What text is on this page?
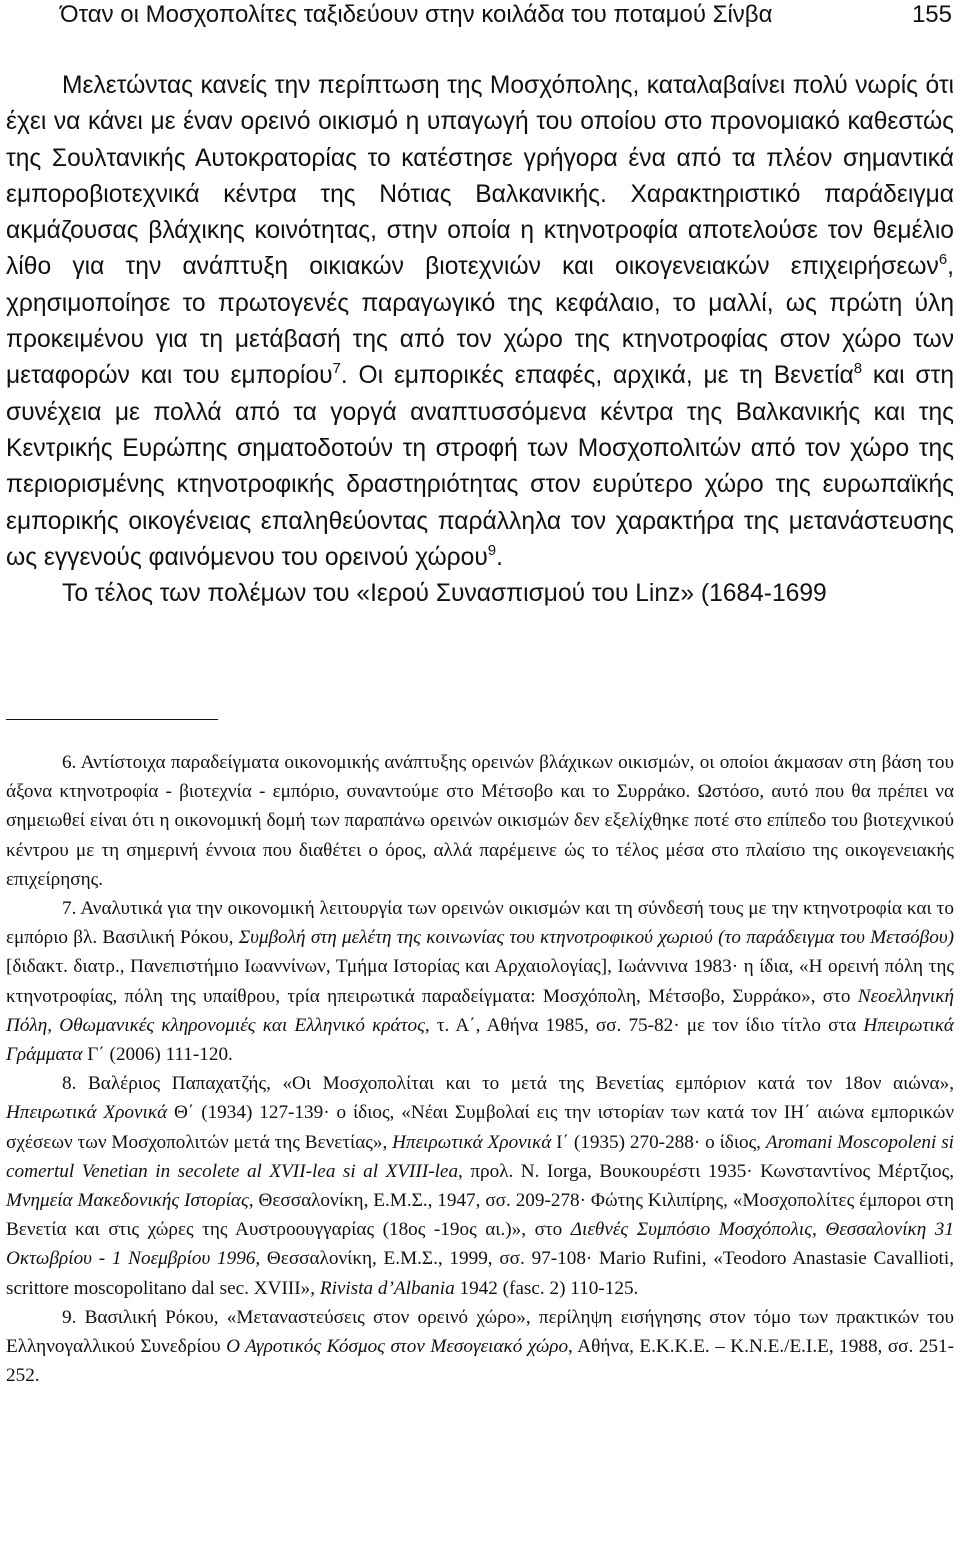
Όταν οι Μοσχοπολίτες ταξιδεύουν στην κοιλάδα του ποταμού Σίνβα	155

Μελετώντας κανείς την περίπτωση της Μοσχόπολης, καταλαβαίνει πολύ νωρίς ότι έχει να κάνει με έναν ορεινό οικισμό η υπαγωγή του οποίου στο προνομιακό καθεστώς της Σουλτανικής Αυτοκρατορίας το κατέστησε γρήγορα ένα από τα πλέον σημαντικά εμποροβιοτεχνικά κέντρα της Νότιας Βαλκανικής. Χαρακτηριστικό παράδειγμα ακμάζουσας βλάχικης κοινότητας, στην οποία η κτηνοτροφία αποτελούσε τον θεμέλιο λίθο για την ανάπτυξη οικιακών βιοτεχνιών και οικογενειακών επιχειρήσεων$^6$, χρησιμοποίησε το πρωτογενές παραγωγικό της κεφάλαιο, το μαλλί, ως πρώτη ύλη προκειμένου για τη μετάβασή της από τον χώρο της κτηνοτροφίας στον χώρο των μεταφορών και του εμπορίου$^7$. Οι εμπορικές επαφές, αρχικά, με τη Βενετία$^8$ και στη συνέχεια με πολλά από τα γοργά αναπτυσσόμενα κέντρα της Βαλκανικής και της Κεντρικής Ευρώπης σηματοδοτούν τη στροφή των Μοσχοπολιτών από τον χώρο της περιορισμένης κτηνοτροφικής δραστηριότητας στον ευρύτερο χώρο της ευρωπαϊκής εμπορικής οικογένειας επαληθεύοντας παράλληλα τον χαρακτήρα της μετανάστευσης ως εγγενούς φαινόμενου του ορεινού χώρου$^9$.

Το τέλος των πολέμων του «Ιερού Συνασπισμού του Linz» (1684-1699

6. Αντίστοιχα παραδείγματα οικονομικής ανάπτυξης ορεινών βλάχικων οικισμών, οι οποίοι άκμασαν στη βάση του άξονα κτηνοτροφία - βιοτεχνία - εμπόριο, συναντούμε στο Μέτσοβο και το Συρράκο. Ωστόσο, αυτό που θα πρέπει να σημειωθεί είναι ότι η οικονομική δομή των παραπάνω ορεινών οικισμών δεν εξελίχθηκε ποτέ στο επίπεδο του βιοτεχνικού κέντρου με τη σημερινή έννοια που διαθέτει ο όρος, αλλά παρέμεινε ώς το τέλος μέσα στο πλαίσιο της οικογενειακής επιχείρησης.

7. Αναλυτικά για την οικονομική λειτουργία των ορεινών οικισμών και τη σύνδεσή τους με την κτηνοτροφία και το εμπόριο βλ. Βασιλική Ρόκου, Συμβολή στη μελέτη της κοινωνίας του κτηνοτροφικού χωριού (το παράδειγμα του Μετσόβου) [διδακτ. διατρ., Πανεπιστήμιο Ιωαννίνων, Τμήμα Ιστορίας και Αρχαιολογίας], Ιωάννινα 1983· η ίδια, «Η ορεινή πόλη της κτηνοτροφίας, πόλη της υπαίθρου, τρία ηπειρωτικά παραδείγματα: Μοσχόπολη, Μέτσοβο, Συρράκο», στο Νεοελληνική Πόλη, Οθωμανικές κληρονομιές και Ελληνικό κράτος, τ. Α΄, Αθήνα 1985, σσ. 75-82· με τον ίδιο τίτλο στα Ηπειρωτικά Γράμματα Γ΄ (2006) 111-120.

8. Βαλέριος Παπαχατζής, «Οι Μοσχοπολίται και το μετά της Βενετίας εμπόριον κατά τον 18ον αιώνα», Ηπειρωτικά Χρονικά Θ΄ (1934) 127-139· ο ίδιος, «Νέαι Συμβολαί εις την ιστορίαν των κατά τον ΙΗ΄ αιώνα εμπορικών σχέσεων των Μοσχοπολιτών μετά της Βενετίας», Ηπειρωτικά Χρονικά Ι΄ (1935) 270-288· ο ίδιος, Aromani Moscopoleni si comertul Venetian in secolete al XVII-lea si al XVIII-lea, προλ. N. Iorga, Βουκουρέστι 1935· Κωνσταντίνος Μέρτζιος, Μνημεία Μακεδονικής Ιστορίας, Θεσσαλονίκη, Ε.Μ.Σ., 1947, σσ. 209-278· Φώτης Κιλιπίρης, «Μοσχοπολίτες έμποροι στη Βενετία και στις χώρες της Αυστροουγγαρίας (18ος -19ος αι.)», στο Διεθνές Συμπόσιο Μοσχόπολις, Θεσσαλονίκη 31 Οκτωβρίου - 1 Νοεμβρίου 1996, Θεσσαλονίκη, Ε.Μ.Σ., 1999, σσ. 97-108· Mario Rufini, «Teodoro Anastasie Cavallioti, scrittore moscopolitano dal sec. XVIII», Rivista d’Albania 1942 (fasc. 2) 110-125.

9. Βασιλική Ρόκου, «Μεταναστεύσεις στον ορεινό χώρο», περίληψη εισήγησης στον τόμο των πρακτικών του Ελληνογαλλικού Συνεδρίου Ο Αγροτικός Κόσμος στον Μεσογειακό χώρο, Αθήνα, Ε.Κ.Κ.Ε. – Κ.Ν.Ε./Ε.Ι.Ε, 1988, σσ. 251-252.
